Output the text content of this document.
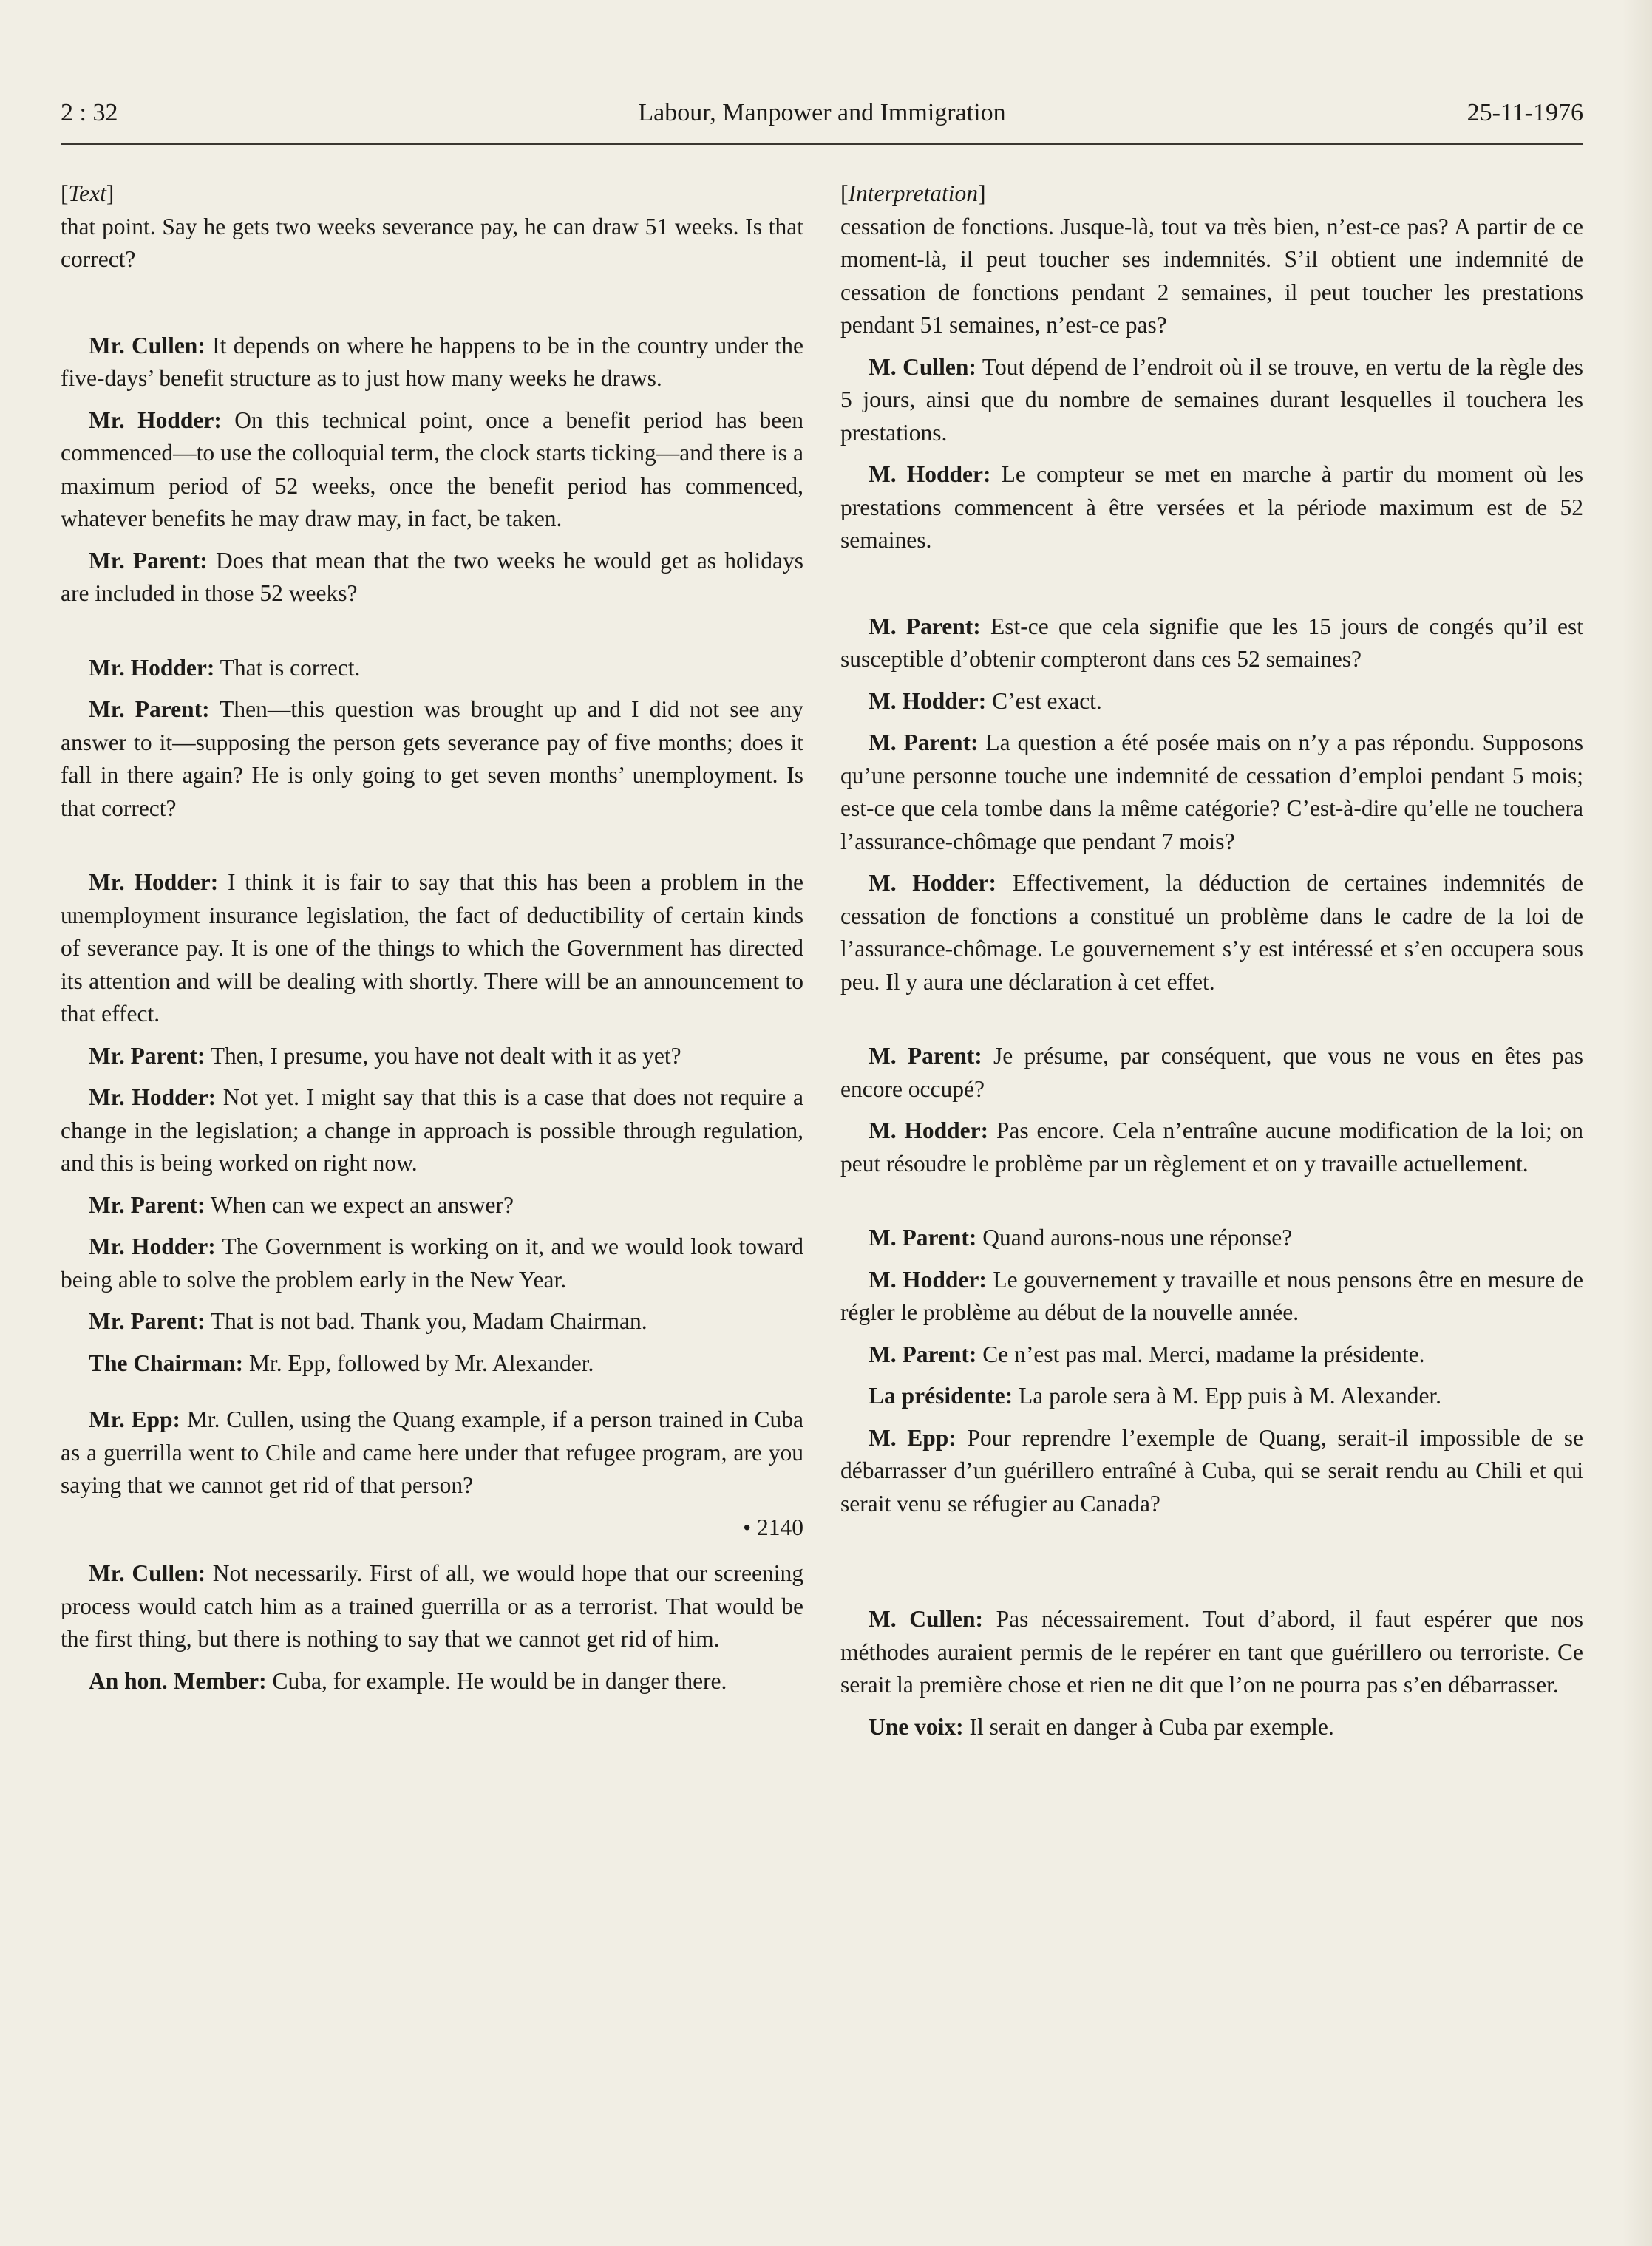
2 : 32	Labour, Manpower and Immigration	25-11-1976
[Text]

that point. Say he gets two weeks severance pay, he can draw 51 weeks. Is that correct?

Mr. Cullen: It depends on where he happens to be in the country under the five-days’ benefit structure as to just how many weeks he draws.

Mr. Hodder: On this technical point, once a benefit period has been commenced—to use the colloquial term, the clock starts ticking—and there is a maximum period of 52 weeks, once the benefit period has commenced, whatever benefits he may draw may, in fact, be taken.

Mr. Parent: Does that mean that the two weeks he would get as holidays are included in those 52 weeks?

Mr. Hodder: That is correct.

Mr. Parent: Then—this question was brought up and I did not see any answer to it—supposing the person gets severance pay of five months; does it fall in there again? He is only going to get seven months’ unemployment. Is that correct?

Mr. Hodder: I think it is fair to say that this has been a problem in the unemployment insurance legislation, the fact of deductibility of certain kinds of severance pay. It is one of the things to which the Government has directed its attention and will be dealing with shortly. There will be an announcement to that effect.

Mr. Parent: Then, I presume, you have not dealt with it as yet?

Mr. Hodder: Not yet. I might say that this is a case that does not require a change in the legislation; a change in approach is possible through regulation, and this is being worked on right now.

Mr. Parent: When can we expect an answer?

Mr. Hodder: The Government is working on it, and we would look toward being able to solve the problem early in the New Year.

Mr. Parent: That is not bad. Thank you, Madam Chairman.

The Chairman: Mr. Epp, followed by Mr. Alexander.

Mr. Epp: Mr. Cullen, using the Quang example, if a person trained in Cuba as a guerrilla went to Chile and came here under that refugee program, are you saying that we cannot get rid of that person?

• 2140

Mr. Cullen: Not necessarily. First of all, we would hope that our screening process would catch him as a trained guerrilla or as a terrorist. That would be the first thing, but there is nothing to say that we cannot get rid of him.

An hon. Member: Cuba, for example. He would be in danger there.

[Interpretation]

cessation de fonctions. Jusque-là, tout va très bien, n’est-ce pas? A partir de ce moment-là, il peut toucher ses indemnités. S’il obtient une indemnité de cessation de fonctions pendant 2 semaines, il peut toucher les prestations pendant 51 semaines, n’est-ce pas?

M. Cullen: Tout dépend de l’endroit où il se trouve, en vertu de la règle des 5 jours, ainsi que du nombre de semaines durant lesquelles il touchera les prestations.

M. Hodder: Le compteur se met en marche à partir du moment où les prestations commencent à être versées et la période maximum est de 52 semaines.

M. Parent: Est-ce que cela signifie que les 15 jours de congés qu’il est susceptible d’obtenir compteront dans ces 52 semaines?

M. Hodder: C’est exact.

M. Parent: La question a été posée mais on n’y a pas répondu. Supposons qu’une personne touche une indemnité de cessation d’emploi pendant 5 mois; est-ce que cela tombe dans la même catégorie? C’est-à-dire qu’elle ne touchera l’assurance-chômage que pendant 7 mois?

M. Hodder: Effectivement, la déduction de certaines indemnités de cessation de fonctions a constitué un problème dans le cadre de la loi de l’assurance-chômage. Le gouvernement s’y est intéressé et s’en occupera sous peu. Il y aura une déclaration à cet effet.

M. Parent: Je présume, par conséquent, que vous ne vous en êtes pas encore occupé?

M. Hodder: Pas encore. Cela n’entraîne aucune modification de la loi; on peut résoudre le problème par un règlement et on y travaille actuellement.

M. Parent: Quand aurons-nous une réponse?

M. Hodder: Le gouvernement y travaille et nous pensons être en mesure de régler le problème au début de la nouvelle année.

M. Parent: Ce n’est pas mal. Merci, madame la présidente.

La présidente: La parole sera à M. Epp puis à M. Alexander.

M. Epp: Pour reprendre l’exemple de Quang, serait-il impossible de se débarrasser d’un guérillero entraîné à Cuba, qui se serait rendu au Chili et qui serait venu se réfugier au Canada?

M. Cullen: Pas nécessairement. Tout d’abord, il faut espérer que nos méthodes auraient permis de le repérer en tant que guérillero ou terroriste. Ce serait la première chose et rien ne dit que l’on ne pourra pas s’en débarrasser.

Une voix: Il serait en danger à Cuba par exemple.
